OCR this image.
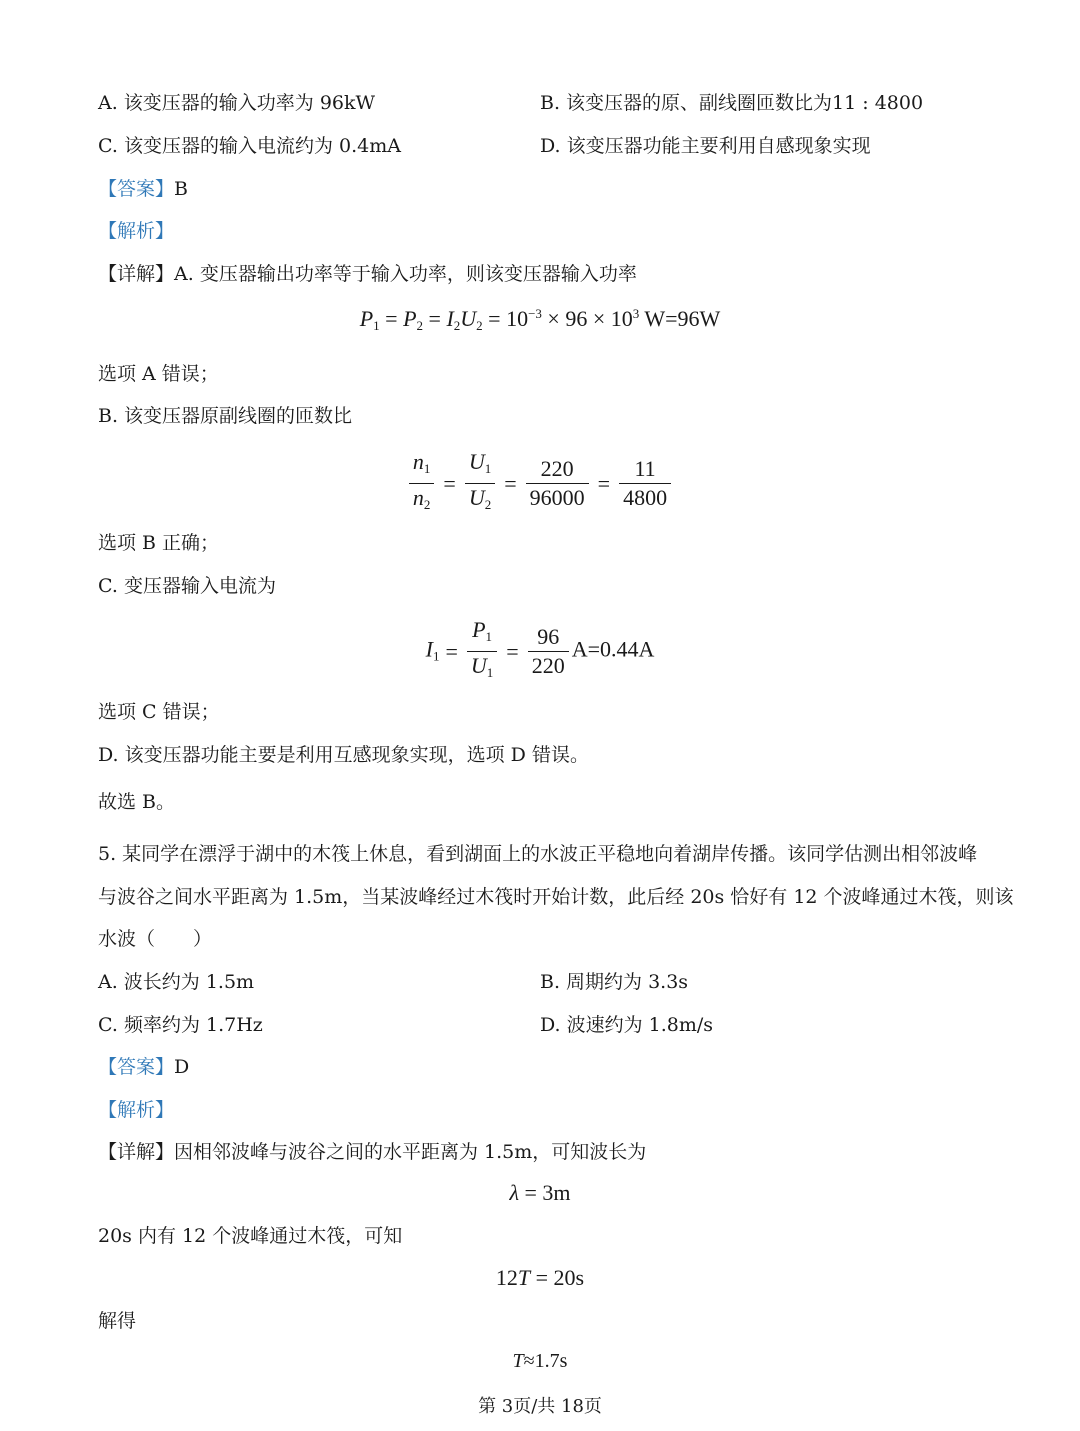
A. 该变压器的输入功率为 96kW	B. 该变压器的原、副线圈匝数比为11 : 4800
C. 该变压器的输入电流约为 0.4mA	D. 该变压器功能主要利用自感现象实现
【答案】B
【解析】
【详解】A. 变压器输出功率等于输入功率，则该变压器输入功率
$P_1 = P_2 = I_2U_2 = 10^{-3} \times 96 \times 10^3$ W=96W
选项 A 错误；
B. 该变压器原副线圈的匝数比
$\frac{n_1}{n_2} = \frac{U_1}{U_2} = \frac{220}{96000} = \frac{11}{4800}$
选项 B 正确；
C. 变压器输入电流为
$I_1 = \frac{P_1}{U_1} = \frac{96}{220} A=0.44A$
选项 C 错误；
D. 该变压器功能主要是利用互感现象实现，选项 D 错误。
故选 B。
5. 某同学在漂浮于湖中的木筏上休息，看到湖面上的水波正平稳地向着湖岸传播。该同学估测出相邻波峰
与波谷之间水平距离为 1.5m，当某波峰经过木筏时开始计数，此后经 20s 恰好有 12 个波峰通过木筏，则该
水波（　　）
A. 波长约为 1.5m	B. 周期约为 3.3s
C. 频率约为 1.7Hz	D. 波速约为 1.8m/s
【答案】D
【解析】
【详解】因相邻波峰与波谷之间的水平距离为 1.5m，可知波长为
λ = 3m
20s 内有 12 个波峰通过木筏，可知
12T = 20s
解得
T≈1.7s
第 3页/共 18页
